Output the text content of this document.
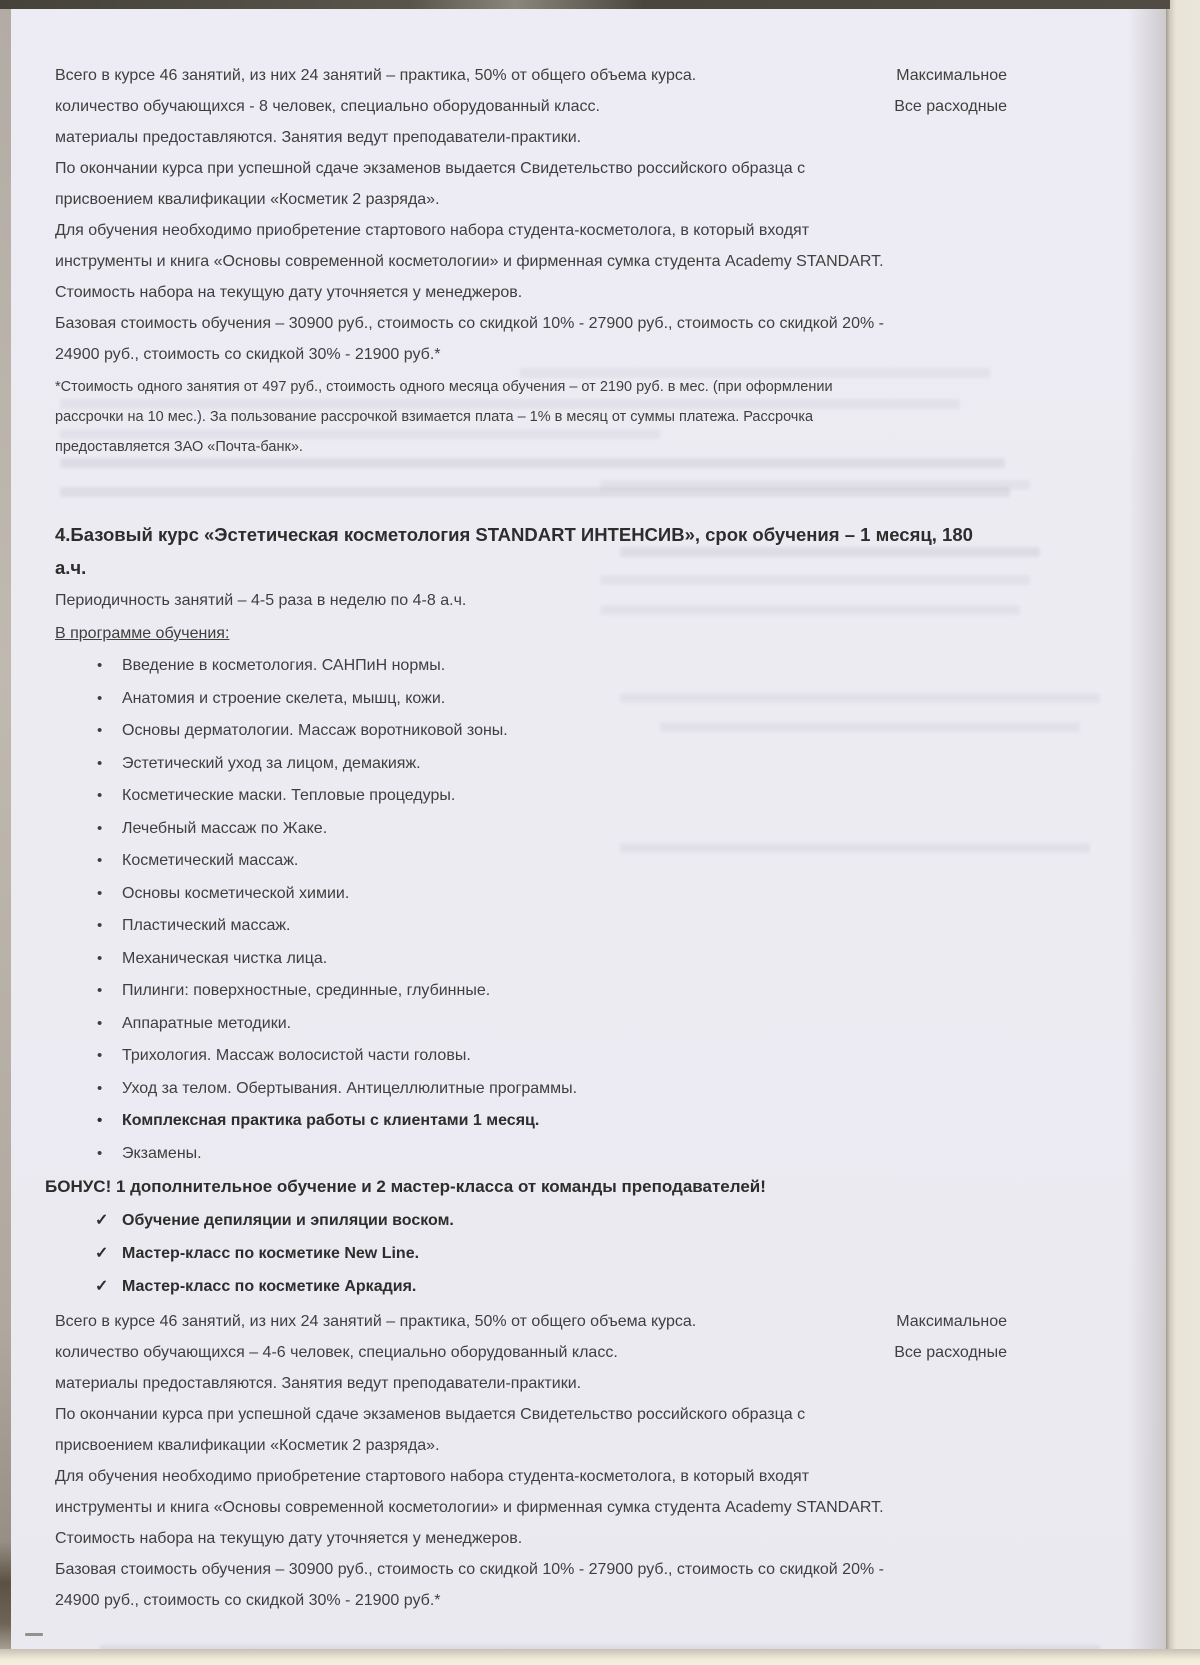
Всего в курсе 46 занятий, из них 24 занятий – практика, 50% от общего объема курса.	Максимальное
количество обучающихся - 8 человек, специально оборудованный класс.	Все расходные
материалы предоставляются. Занятия ведут преподаватели-практики.
По окончании курса при успешной сдаче экзаменов выдается Свидетельство российского образца с
присвоением квалификации «Косметик 2 разряда».
Для обучения необходимо приобретение стартового набора студента-косметолога, в который входят
инструменты и книга «Основы современной косметологии» и фирменная сумка студента Academy STANDART.
Стоимость набора на текущую дату уточняется у менеджеров.
Базовая стоимость обучения – 30900 руб., стоимость со скидкой 10% - 27900 руб., стоимость со скидкой 20% -
24900 руб., стоимость со скидкой 30% - 21900 руб.*
*Стоимость одного занятия от 497 руб., стоимость одного месяца обучения – от 2190 руб. в мес. (при оформлении
рассрочки на 10 мес.). За пользование рассрочкой взимается плата – 1% в месяц от суммы платежа. Рассрочка
предоставляется ЗАО «Почта-банк».
4.Базовый курс «Эстетическая косметология STANDART ИНТЕНСИВ», срок обучения – 1 месяц, 180
а.ч.
Периодичность занятий – 4-5 раза в неделю по 4-8 а.ч.
В программе обучения:
• Введение в косметология. САНПиН нормы.
• Анатомия и строение скелета, мышц, кожи.
• Основы дерматологии. Массаж воротниковой зоны.
• Эстетический уход за лицом, демакияж.
• Косметические маски. Тепловые процедуры.
• Лечебный массаж по Жаке.
• Косметический массаж.
• Основы косметической химии.
• Пластический массаж.
• Механическая чистка лица.
• Пилинги: поверхностные, срединные, глубинные.
• Аппаратные методики.
• Трихология. Массаж волосистой части головы.
• Уход за телом. Обертывания. Антицеллюлитные программы.
• Комплексная практика работы с клиентами 1 месяц.
• Экзамены.
БОНУС! 1 дополнительное обучение и 2 мастер-класса от команды преподавателей!
✓ Обучение депиляции и эпиляции воском.
✓ Мастер-класс по косметике New Line.
✓ Мастер-класс по косметике Аркадия.
Всего в курсе 46 занятий, из них 24 занятий – практика, 50% от общего объема курса.	Максимальное
количество обучающихся – 4-6 человек, специально оборудованный класс.	Все расходные
материалы предоставляются. Занятия ведут преподаватели-практики.
По окончании курса при успешной сдаче экзаменов выдается Свидетельство российского образца с
присвоением квалификации «Косметик 2 разряда».
Для обучения необходимо приобретение стартового набора студента-косметолога, в который входят
инструменты и книга «Основы современной косметологии» и фирменная сумка студента Academy STANDART.
Стоимость набора на текущую дату уточняется у менеджеров.
Базовая стоимость обучения – 30900 руб., стоимость со скидкой 10% - 27900 руб., стоимость со скидкой 20% -
24900 руб., стоимость со скидкой 30% - 21900 руб.*
